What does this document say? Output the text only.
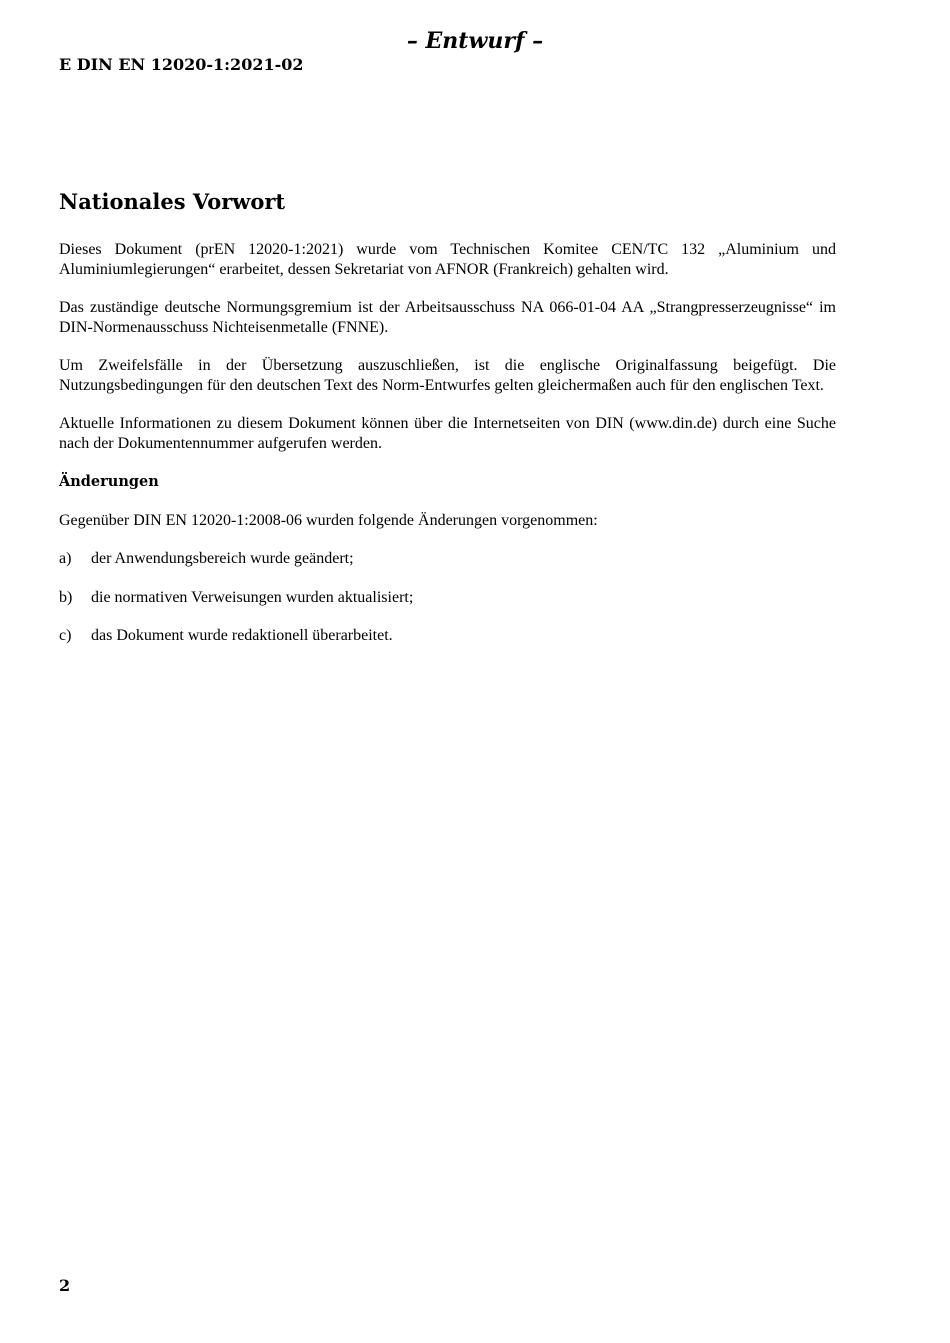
– Entwurf –
E DIN EN 12020-1:2021-02
Nationales Vorwort

Dieses Dokument (prEN 12020-1:2021) wurde vom Technischen Komitee CEN/TC 132 „Aluminium und Aluminiumlegierungen“ erarbeitet, dessen Sekretariat von AFNOR (Frankreich) gehalten wird.

Das zuständige deutsche Normungsgremium ist der Arbeitsausschuss NA 066-01-04 AA „Strangpresserzeugnisse“ im DIN-Normenausschuss Nichteisenmetalle (FNNE).

Um Zweifelsfälle in der Übersetzung auszuschließen, ist die englische Originalfassung beigefügt. Die Nutzungsbedingungen für den deutschen Text des Norm-Entwurfes gelten gleichermaßen auch für den englischen Text.

Aktuelle Informationen zu diesem Dokument können über die Internetseiten von DIN (www.din.de) durch eine Suche nach der Dokumentennummer aufgerufen werden.

Änderungen

Gegenüber DIN EN 12020-1:2008-06 wurden folgende Änderungen vorgenommen:

a)	der Anwendungsbereich wurde geändert;
b)	die normativen Verweisungen wurden aktualisiert;
c)	das Dokument wurde redaktionell überarbeitet.
2
